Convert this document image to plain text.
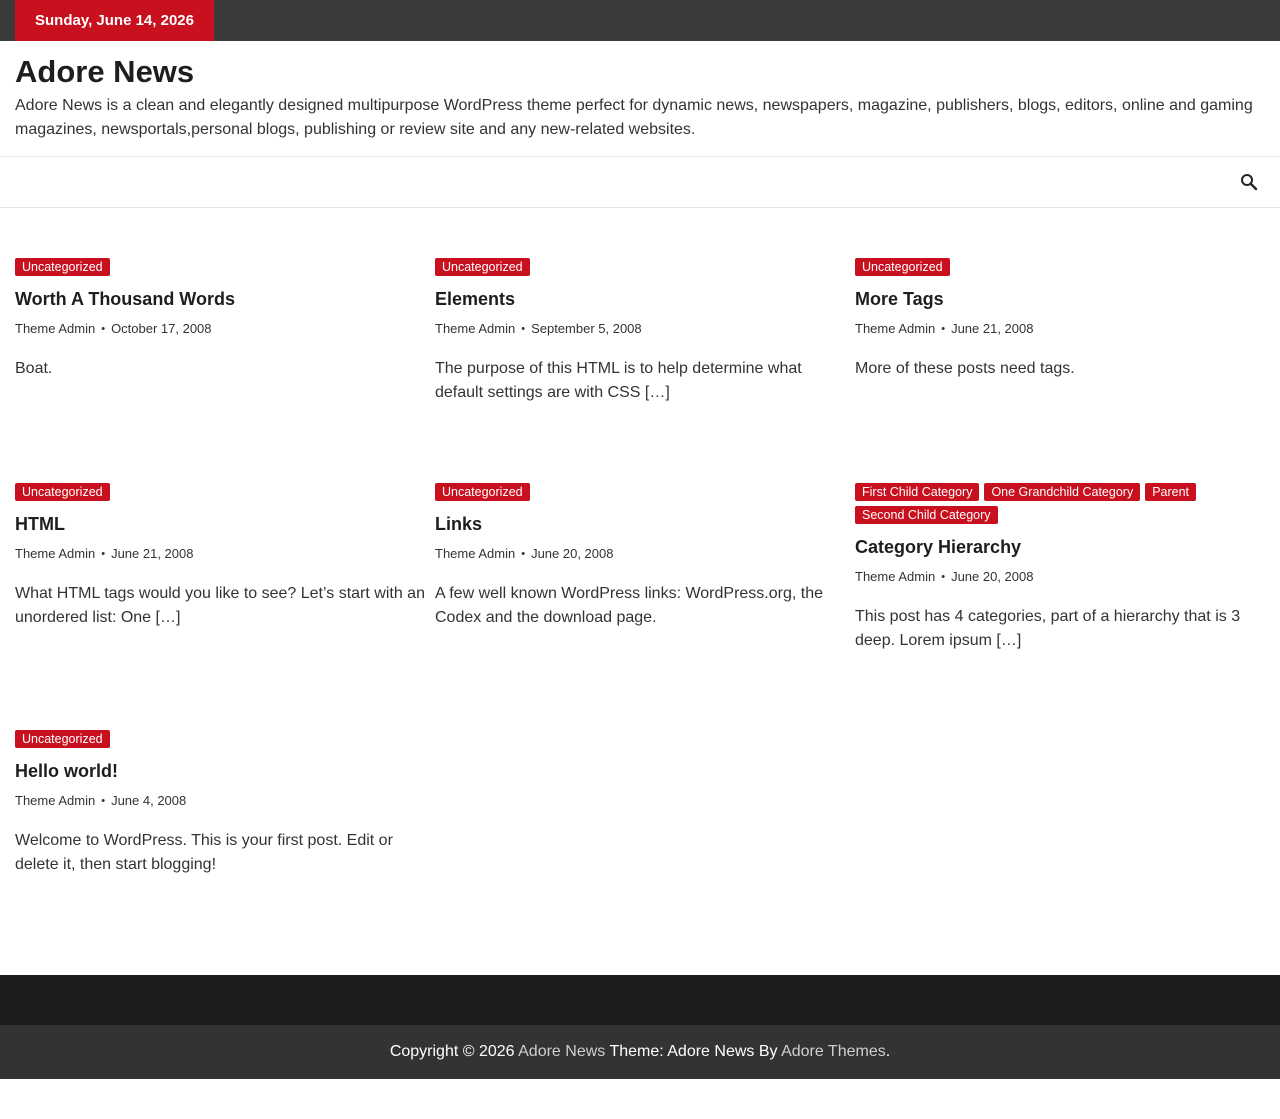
Sunday, June 14, 2026
Adore News
Adore News is a clean and elegantly designed multipurpose WordPress theme perfect for dynamic news, newspapers, magazine, publishers, blogs, editors, online and gaming magazines, newsportals,personal blogs, publishing or review site and any new-related websites.
Uncategorized
Worth A Thousand Words
Theme Admin • October 17, 2008
Boat.
Uncategorized
Elements
Theme Admin • September 5, 2008
The purpose of this HTML is to help determine what default settings are with CSS […]
Uncategorized
More Tags
Theme Admin • June 21, 2008
More of these posts need tags.
Uncategorized
HTML
Theme Admin • June 21, 2008
What HTML tags would you like to see? Let’s start with an unordered list: One […]
Uncategorized
Links
Theme Admin • June 20, 2008
A few well known WordPress links: WordPress.org, the Codex and the download page.
First Child Category	One Grandchild Category	Parent
Second Child Category
Category Hierarchy
Theme Admin • June 20, 2008
This post has 4 categories, part of a hierarchy that is 3 deep. Lorem ipsum […]
Uncategorized
Hello world!
Theme Admin • June 4, 2008
Welcome to WordPress. This is your first post. Edit or delete it, then start blogging!
Copyright © 2026 Adore News Theme: Adore News By Adore Themes.
